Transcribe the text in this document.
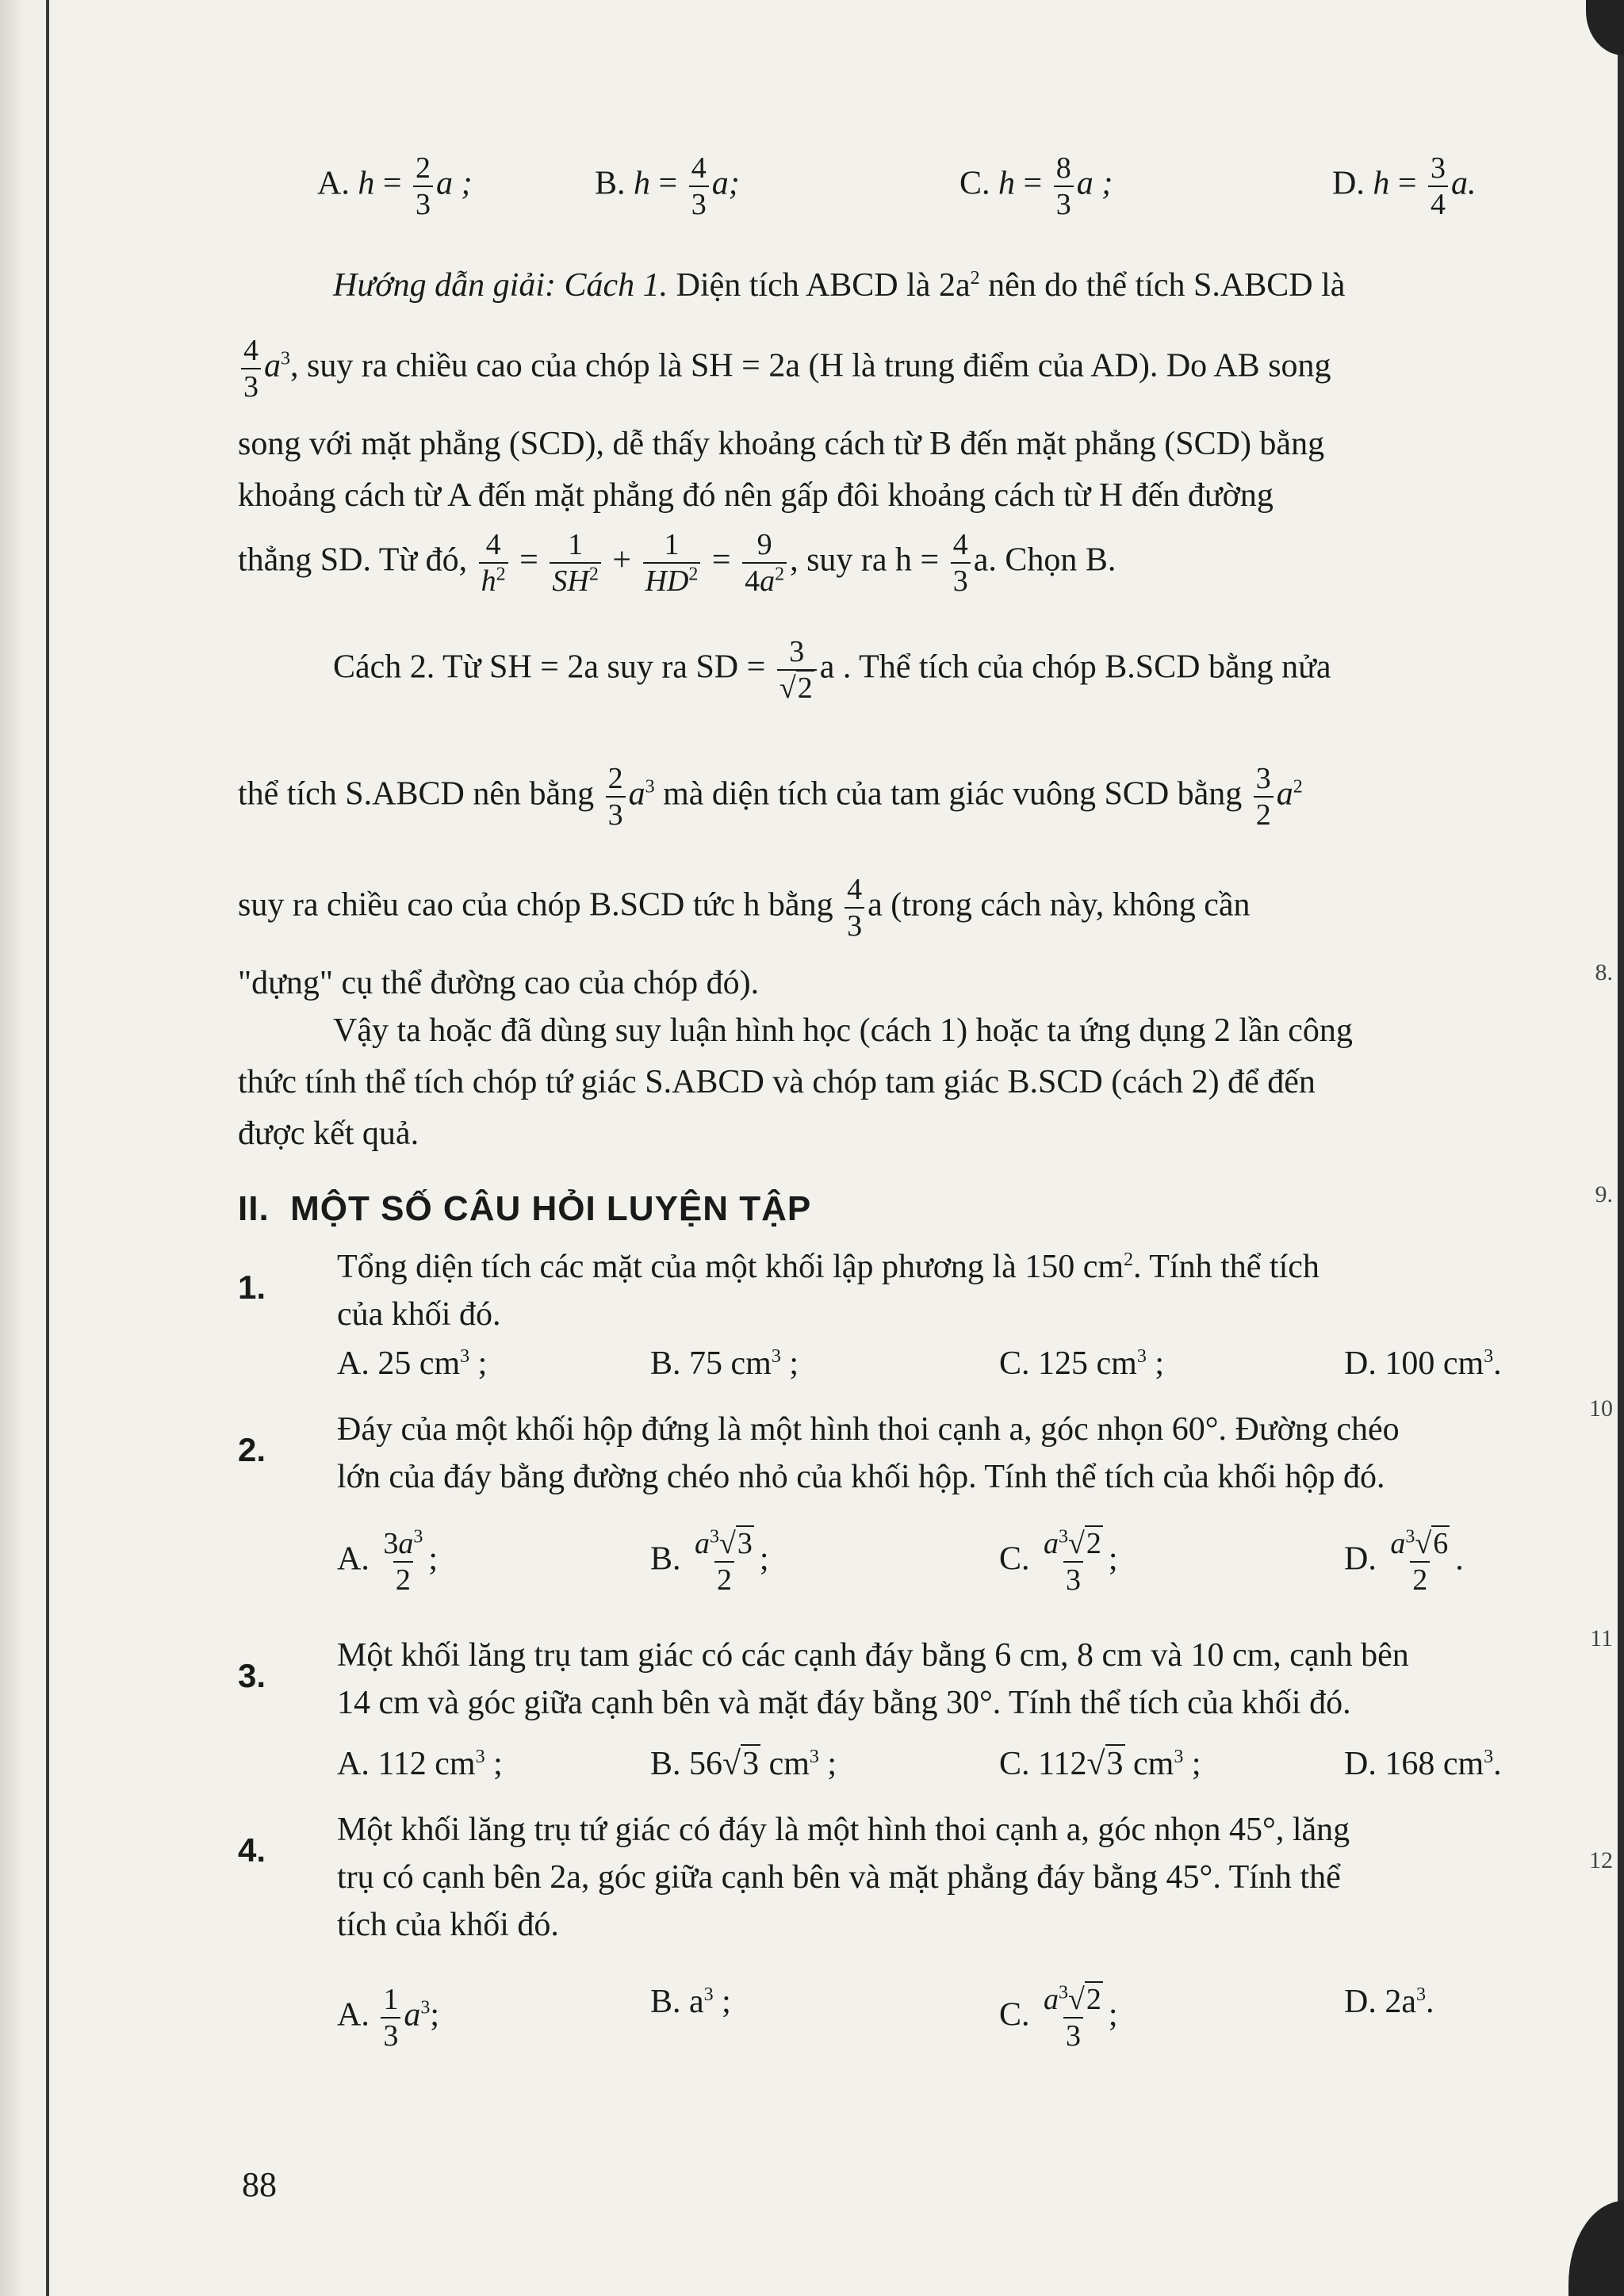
8.
9.
10
11
12
A. $h = \frac{2}{3}$ a ;	B. $h = \frac{4}{3} a$;	C. $h = \frac{8}{3}$ a ;	D. $h = \frac{3}{4} a$.
Hướng dẫn giải: Cách 1. Diện tích ABCD là $2a^2$ nên do thể tích S.ABCD là
$\frac{4}{3} a^3$, suy ra chiều cao của chóp là SH = 2a (H là trung điểm của AD). Do AB song
song với mặt phẳng (SCD), dễ thấy khoảng cách từ B đến mặt phẳng (SCD) bằng
khoảng cách từ A đến mặt phẳng đó nên gấp đôi khoảng cách từ H đến đường
thẳng SD. Từ đó, $\frac{4}{h^2} = \frac{1}{SH^2} + \frac{1}{HD^2} = \frac{9}{4a^2}$ , suy ra $h = \frac{4}{3} a$. Chọn B.
Cách 2. Từ SH = 2a suy ra SD = $\frac{3}{√2}$ a . Thể tích của chóp B.SCD bằng nửa
thể tích S.ABCD nên bằng $\frac{2}{3} a^3$ mà diện tích của tam giác vuông SCD bằng $\frac{3}{2} a^2$
suy ra chiều cao của chóp B.SCD tức h bằng $\frac{4}{3}$ a (trong cách này, không cần
"dựng" cụ thể đường cao của chóp đó).
Vậy ta hoặc đã dùng suy luận hình học (cách 1) hoặc ta ứng dụng 2 lần công
thức tính thể tích chóp tứ giác S.ABCD và chóp tam giác B.SCD (cách 2) để đến
được kết quả.
II. MỘT SỐ CÂU HỎI LUYỆN TẬP
1.
Tổng diện tích các mặt của một khối lập phương là 150 $cm^2$. Tính thể tích
của khối đó.
A. 25 $cm^3$ ;	B. 75 $cm^3$ ;	C. 125 $cm^3$ ;	D. 100 $cm^3$.
2.
Đáy của một khối hộp đứng là một hình thoi cạnh a, góc nhọn 60°. Đường chéo
lớn của đáy bằng đường chéo nhỏ của khối hộp. Tính thể tích của khối hộp đó.
A. $\frac{3a^3}{2}$ ;	B. $\frac{a^3√3}{2}$ ;	C. $\frac{a^3√2}{3}$ ;	D. $\frac{a^3√6}{2}$ .
3.
Một khối lăng trụ tam giác có các cạnh đáy bằng 6 cm, 8 cm và 10 cm, cạnh bên
14 cm và góc giữa cạnh bên và mặt đáy bằng 30°. Tính thể tích của khối đó.
A. 112 $cm^3$ ;	B. 56√3 $cm^3$ ;	C. 112√3 $cm^3$ ;	D. 168 $cm^3$.
4.
Một khối lăng trụ tứ giác có đáy là một hình thoi cạnh a, góc nhọn 45°, lăng
trụ có cạnh bên 2a, góc giữa cạnh bên và mặt phẳng đáy bằng 45°. Tính thể
tích của khối đó.
A. $\frac{1}{3} a^3$;	B. $a^3$ ;	C. $\frac{a^3√2}{3}$ ;	D. $2a^3$.
88
